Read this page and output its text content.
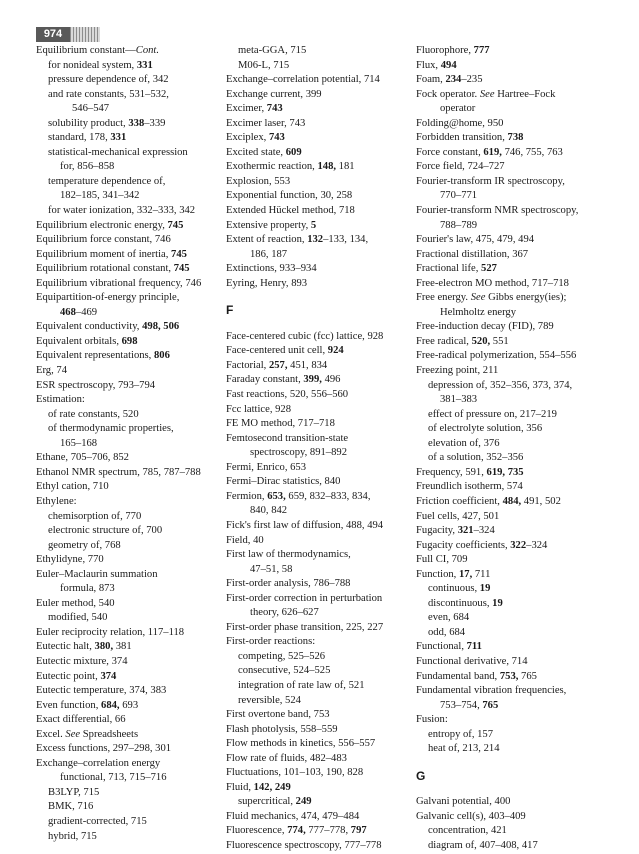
974
Equilibrium constant—Cont.
for nonideal system, 331
pressure dependence of, 342
and rate constants, 531–532,
546–547
solubility product, 338–339
standard, 178, 331
statistical-mechanical expression
for, 856–858
temperature dependence of,
182–185, 341–342
for water ionization, 332–333, 342
Equilibrium electronic energy, 745
Equilibrium force constant, 746
Equilibrium moment of inertia, 745
Equilibrium rotational constant, 745
Equilibrium vibrational frequency, 746
Equipartition-of-energy principle,
468–469
Equivalent conductivity, 498, 506
Equivalent orbitals, 698
Equivalent representations, 806
Erg, 74
ESR spectroscopy, 793–794
Estimation:
of rate constants, 520
of thermodynamic properties,
165–168
Ethane, 705–706, 852
Ethanol NMR spectrum, 785, 787–788
Ethyl cation, 710
Ethylene:
chemisorption of, 770
electronic structure of, 700
geometry of, 768
Ethylidyne, 770
Euler–Maclaurin summation
formula, 873
Euler method, 540
modified, 540
Euler reciprocity relation, 117–118
Eutectic halt, 380, 381
Eutectic mixture, 374
Eutectic point, 374
Eutectic temperature, 374, 383
Even function, 684, 693
Exact differential, 66
Excel. See Spreadsheets
Excess functions, 297–298, 301
Exchange–correlation energy
functional, 713, 715–716
B3LYP, 715
BMK, 716
gradient-corrected, 715
hybrid, 715
meta-GGA, 715
M06-L, 715
Exchange–correlation potential, 714
Exchange current, 399
Excimer, 743
Excimer laser, 743
Exciplex, 743
Excited state, 609
Exothermic reaction, 148, 181
Explosion, 553
Exponential function, 30, 258
Extended Hückel method, 718
Extensive property, 5
Extent of reaction, 132–133, 134,
186, 187
Extinctions, 933–934
Eyring, Henry, 893
F
Face-centered cubic (fcc) lattice, 928
Face-centered unit cell, 924
Factorial, 257, 451, 834
Faraday constant, 399, 496
Fast reactions, 520, 556–560
Fcc lattice, 928
FE MO method, 717–718
Femtosecond transition-state
spectroscopy, 891–892
Fermi, Enrico, 653
Fermi–Dirac statistics, 840
Fermion, 653, 659, 832–833, 834,
840, 842
Fick's first law of diffusion, 488, 494
Field, 40
First law of thermodynamics,
47–51, 58
First-order analysis, 786–788
First-order correction in perturbation
theory, 626–627
First-order phase transition, 225, 227
First-order reactions:
competing, 525–526
consecutive, 524–525
integration of rate law of, 521
reversible, 524
First overtone band, 753
Flash photolysis, 558–559
Flow methods in kinetics, 556–557
Flow rate of fluids, 482–483
Fluctuations, 101–103, 190, 828
Fluid, 142, 249
supercritical, 249
Fluid mechanics, 474, 479–484
Fluorescence, 774, 777–778, 797
Fluorescence spectroscopy, 777–778
Fluorophore, 777
Flux, 494
Foam, 234–235
Fock operator. See Hartree–Fock
operator
Folding@home, 950
Forbidden transition, 738
Force constant, 619, 746, 755, 763
Force field, 724–727
Fourier-transform IR spectroscopy,
770–771
Fourier-transform NMR spectroscopy,
788–789
Fourier's law, 475, 479, 494
Fractional distillation, 367
Fractional life, 527
Free-electron MO method, 717–718
Free energy. See Gibbs energy(ies);
Helmholtz energy
Free-induction decay (FID), 789
Free radical, 520, 551
Free-radical polymerization, 554–556
Freezing point, 211
depression of, 352–356, 373, 374,
381–383
effect of pressure on, 217–219
of electrolyte solution, 356
elevation of, 376
of a solution, 352–356
Frequency, 591, 619, 735
Freundlich isotherm, 574
Friction coefficient, 484, 491, 502
Fuel cells, 427, 501
Fugacity, 321–324
Fugacity coefficients, 322–324
Full CI, 709
Function, 17, 711
continuous, 19
discontinuous, 19
even, 684
odd, 684
Functional, 711
Functional derivative, 714
Fundamental band, 753, 765
Fundamental vibration frequencies,
753–754, 765
Fusion:
entropy of, 157
heat of, 213, 214
G
Galvani potential, 400
Galvanic cell(s), 403–409
concentration, 421
diagram of, 407–408, 417
